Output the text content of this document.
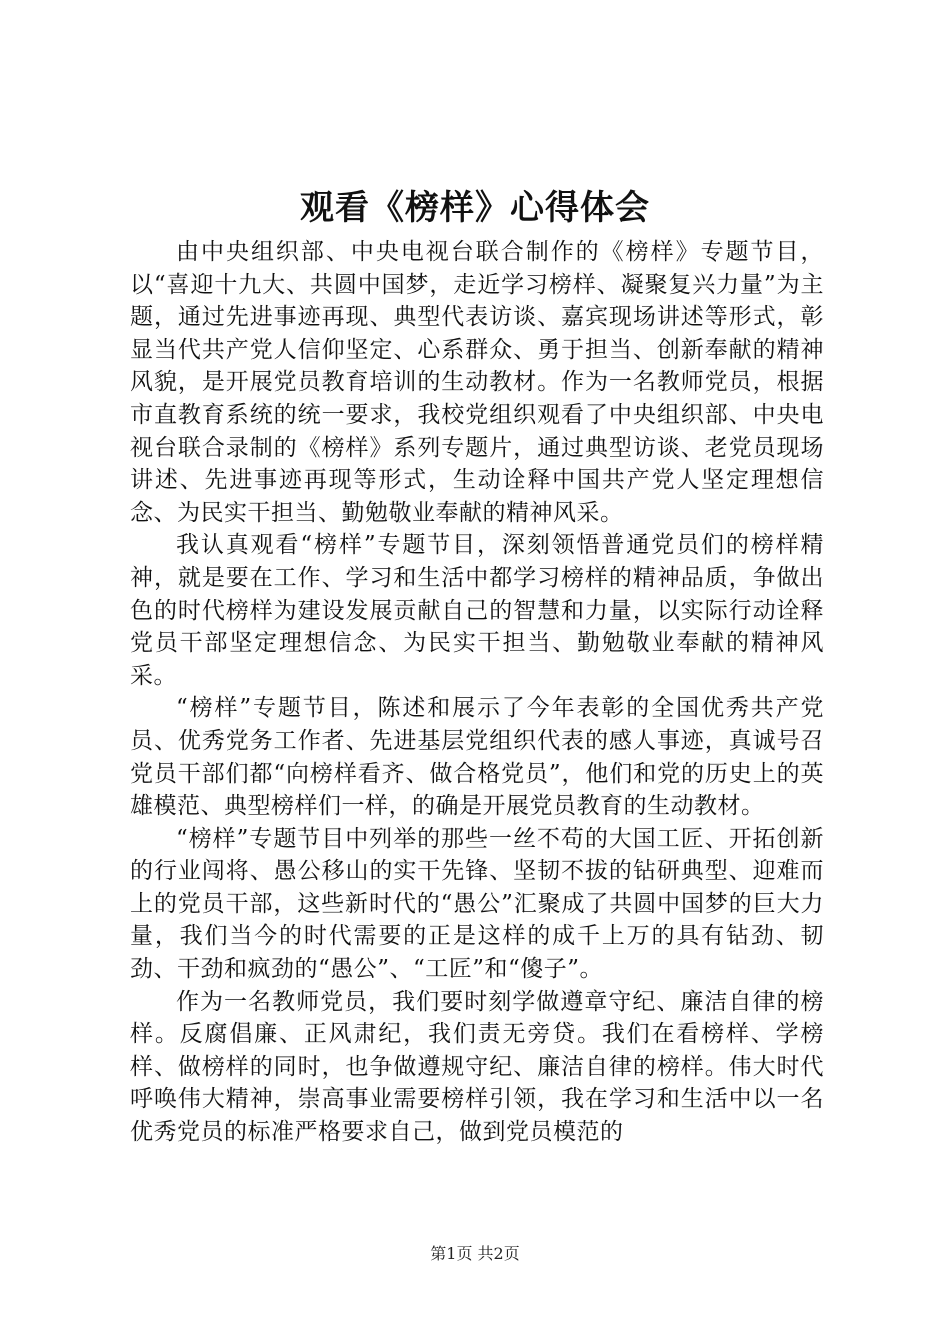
观看《榜样》心得体会

由中央组织部、中央电视台联合制作的《榜样》专题节目，以“喜迎十九大、共圆中国梦，走近学习榜样、凝聚复兴力量”为主题，通过先进事迹再现、典型代表访谈、嘉宾现场讲述等形式，彰显当代共产党人信仰坚定、心系群众、勇于担当、创新奉献的精神风貌，是开展党员教育培训的生动教材。作为一名教师党员，根据市直教育系统的统一要求，我校党组织观看了中央组织部、中央电视台联合录制的《榜样》系列专题片，通过典型访谈、老党员现场讲述、先进事迹再现等形式，生动诠释中国共产党人坚定理想信念、为民实干担当、勤勉敬业奉献的精神风采。

我认真观看“榜样”专题节目，深刻领悟普通党员们的榜样精神，就是要在工作、学习和生活中都学习榜样的精神品质，争做出色的时代榜样为建设发展贡献自己的智慧和力量，以实际行动诠释党员干部坚定理想信念、为民实干担当、勤勉敬业奉献的精神风采。

“榜样”专题节目，陈述和展示了今年表彰的全国优秀共产党员、优秀党务工作者、先进基层党组织代表的感人事迹，真诚号召党员干部们都“向榜样看齐、做合格党员”，他们和党的历史上的英雄模范、典型榜样们一样，的确是开展党员教育的生动教材。

“榜样”专题节目中列举的那些一丝不苟的大国工匠、开拓创新的行业闯将、愚公移山的实干先锋、坚韧不拔的钻研典型、迎难而上的党员干部，这些新时代的“愚公”汇聚成了共圆中国梦的巨大力量，我们当今的时代需要的正是这样的成千上万的具有钻劲、韧劲、干劲和疯劲的“愚公”、“工匠”和“傻子”。

作为一名教师党员，我们要时刻学做遵章守纪、廉洁自律的榜样。反腐倡廉、正风肃纪，我们责无旁贷。我们在看榜样、学榜样、做榜样的同时，也争做遵规守纪、廉洁自律的榜样。伟大时代呼唤伟大精神，崇高事业需要榜样引领，我在学习和生活中以一名优秀党员的标准严格要求自己，做到党员模范的

第1页 共2页
